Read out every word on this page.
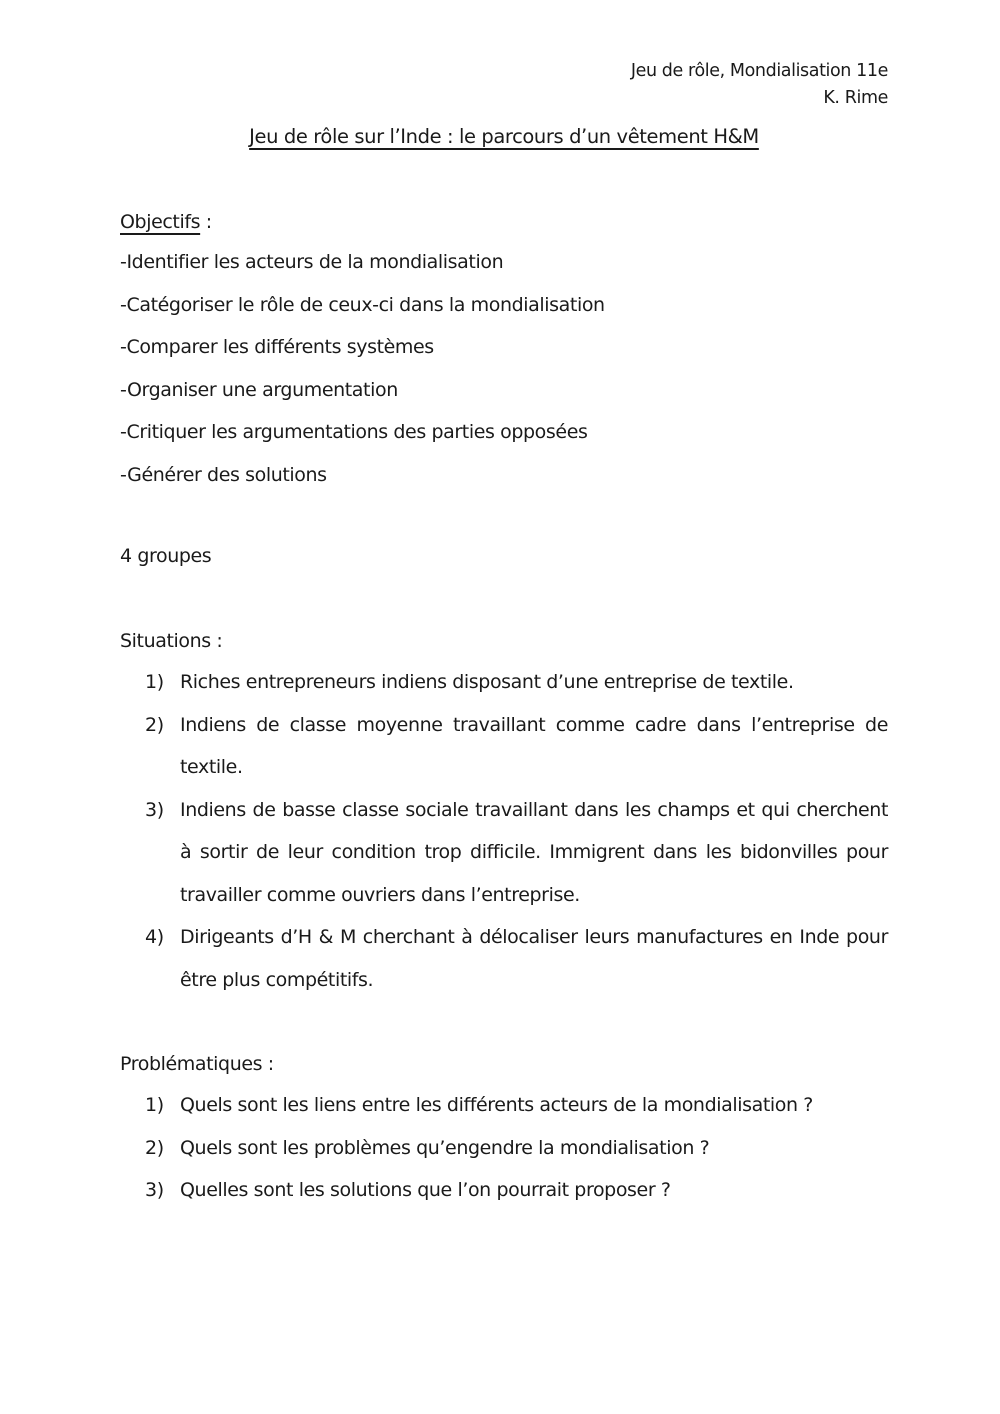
Jeu de rôle, Mondialisation 11e
K. Rime
Jeu de rôle sur l’Inde : le parcours d’un vêtement H&M
Objectifs :
-Identifier les acteurs de la mondialisation
-Catégoriser le rôle de ceux-ci dans la mondialisation
-Comparer les différents systèmes
-Organiser une argumentation
-Critiquer les argumentations des parties opposées
-Générer des solutions
4 groupes
Situations :
1) Riches entrepreneurs indiens disposant d’une entreprise de textile.
2) Indiens de classe moyenne travaillant comme cadre dans l’entreprise de textile.
3) Indiens de basse classe sociale travaillant dans les champs et qui cherchent à sortir de leur condition trop difficile. Immigrent dans les bidonvilles pour travailler comme ouvriers dans l’entreprise.
4) Dirigeants d’H & M cherchant à délocaliser leurs manufactures en Inde pour être plus compétitifs.
Problématiques :
1) Quels sont les liens entre les différents acteurs de la mondialisation ?
2) Quels sont les problèmes qu’engendre la mondialisation ?
3) Quelles sont les solutions que l’on pourrait proposer ?
